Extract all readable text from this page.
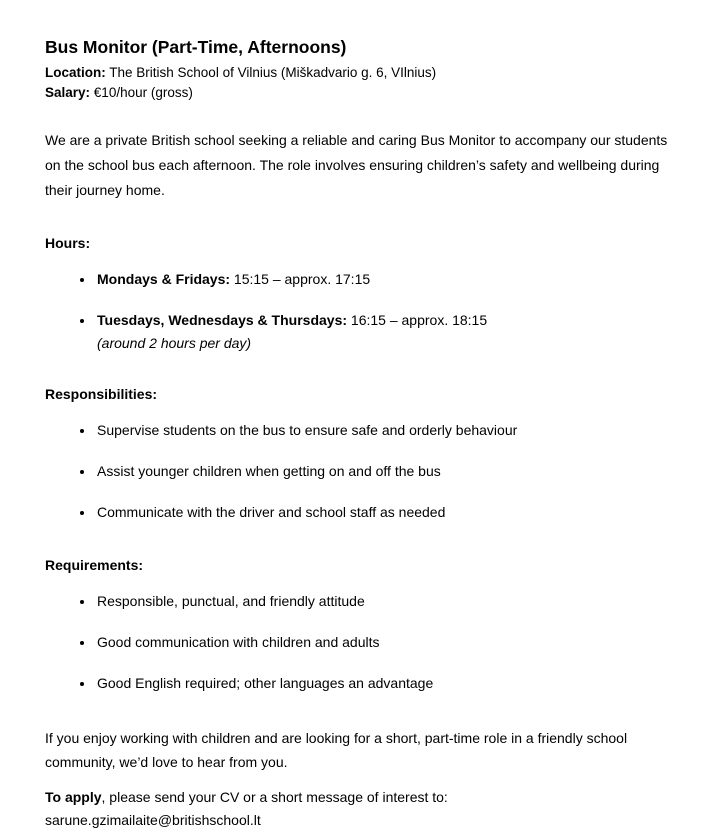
Bus Monitor (Part-Time, Afternoons)

Location: The British School of Vilnius (Miškadvario g. 6, VIlnius)

Salary: €10/hour (gross)

We are a private British school seeking a reliable and caring Bus Monitor to accompany our students on the school bus each afternoon. The role involves ensuring children’s safety and wellbeing during their journey home.

Hours:
• Mondays & Fridays: 15:15 – approx. 17:15
• Tuesdays, Wednesdays & Thursdays: 16:15 – approx. 18:15
(around 2 hours per day)
Responsibilities:
• Supervise students on the bus to ensure safe and orderly behaviour
• Assist younger children when getting on and off the bus
• Communicate with the driver and school staff as needed
Requirements:
• Responsible, punctual, and friendly attitude
• Good communication with children and adults
• Good English required; other languages an advantage

If you enjoy working with children and are looking for a short, part-time role in a friendly school community, we’d love to hear from you.

To apply, please send your CV or a short message of interest to:
sarune.gzimailaite@britishschool.lt
